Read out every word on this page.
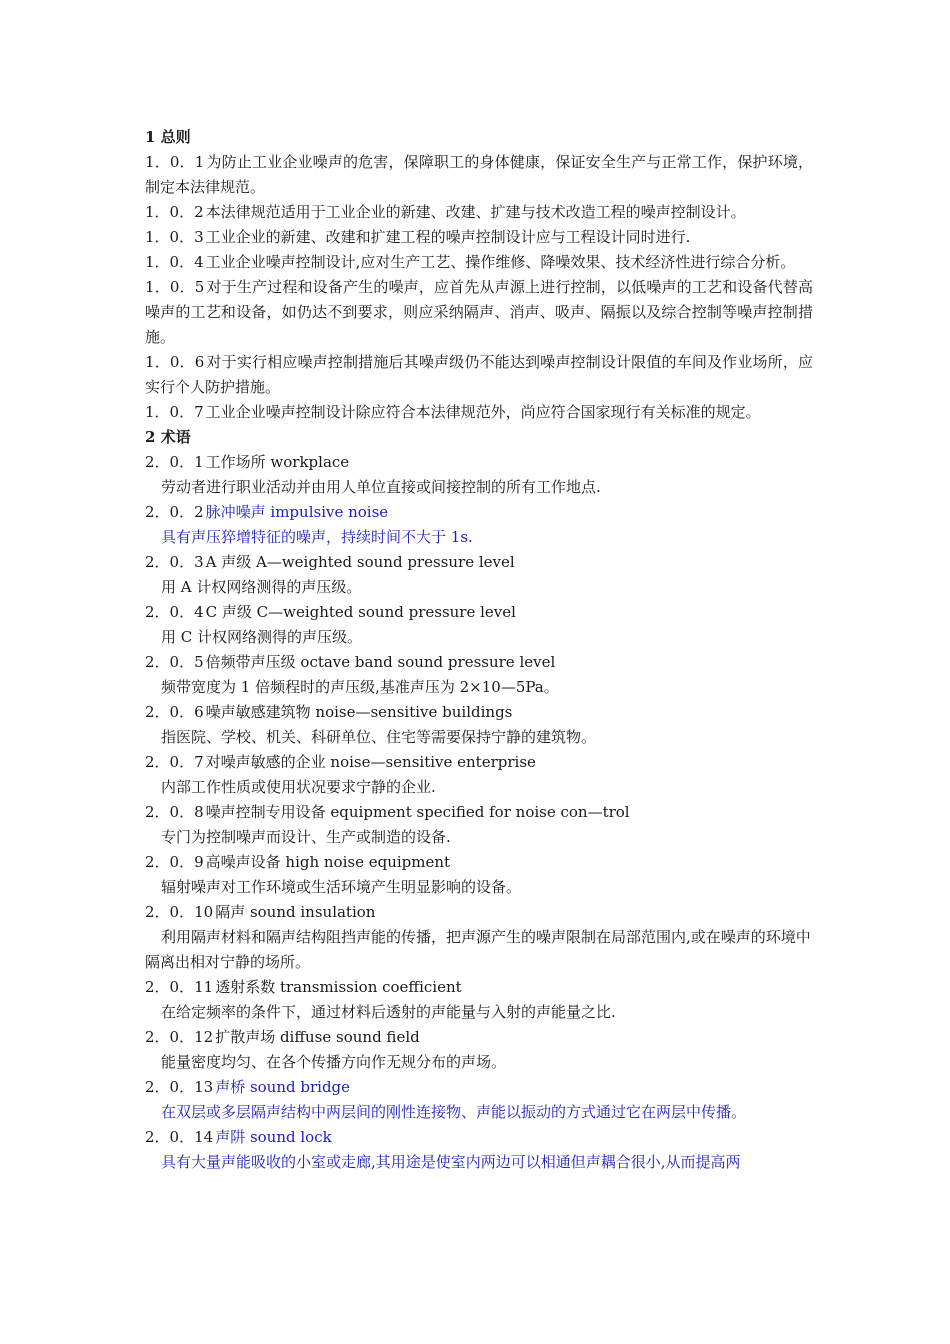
1 总则
1．0．1 为防止工业企业噪声的危害，保障职工的身体健康，保证安全生产与正常工作，保护环境，制定本法律规范。
1．0．2 本法律规范适用于工业企业的新建、改建、扩建与技术改造工程的噪声控制设计。
1．0．3 工业企业的新建、改建和扩建工程的噪声控制设计应与工程设计同时进行.
1．0．4 工业企业噪声控制设计,应对生产工艺、操作维修、降噪效果、技术经济性进行综合分析。
1．0．5 对于生产过程和设备产生的噪声，应首先从声源上进行控制，以低噪声的工艺和设备代替高噪声的工艺和设备，如仍达不到要求，则应采纳隔声、消声、吸声、隔振以及综合控制等噪声控制措施。
1．0．6 对于实行相应噪声控制措施后其噪声级仍不能达到噪声控制设计限值的车间及作业场所，应实行个人防护措施。
1．0．7 工业企业噪声控制设计除应符合本法律规范外，尚应符合国家现行有关标准的规定。
2 术语
2．0．1 工作场所 workplace
劳动者进行职业活动并由用人单位直接或间接控制的所有工作地点.
2．0．2 脉冲噪声 impulsive noise
具有声压猝增特征的噪声，持续时间不大于 1s.
2．0．3 A 声级 A—weighted sound pressure level
用 A 计权网络测得的声压级。
2．0．4 C 声级 C—weighted sound pressure level
用 C 计权网络测得的声压级。
2．0．5 倍频带声压级 octave band sound pressure level
频带宽度为 1 倍频程时的声压级,基准声压为 2×10—5Pa。
2．0．6 噪声敏感建筑物 noise—sensitive buildings
指医院、学校、机关、科研单位、住宅等需要保持宁静的建筑物。
2．0．7 对噪声敏感的企业 noise—sensitive enterprise
内部工作性质或使用状况要求宁静的企业.
2．0．8 噪声控制专用设备 equipment specified for noise con—trol
专门为控制噪声而设计、生产或制造的设备.
2．0．9 高噪声设备 high noise equipment
辐射噪声对工作环境或生活环境产生明显影响的设备。
2．0．10 隔声 sound insulation
利用隔声材料和隔声结构阻挡声能的传播，把声源产生的噪声限制在局部范围内,或在噪声的环境中隔离出相对宁静的场所。
2．0．11 透射系数 transmission coefficient
在给定频率的条件下，通过材料后透射的声能量与入射的声能量之比.
2．0．12 扩散声场 diffuse sound field
能量密度均匀、在各个传播方向作无规分布的声场。
2．0．13 声桥 sound bridge
在双层或多层隔声结构中两层间的刚性连接物、声能以振动的方式通过它在两层中传播。
2．0．14 声阱 sound lock
具有大量声能吸收的小室或走廊,其用途是使室内两边可以相通但声耦合很小,从而提高两
